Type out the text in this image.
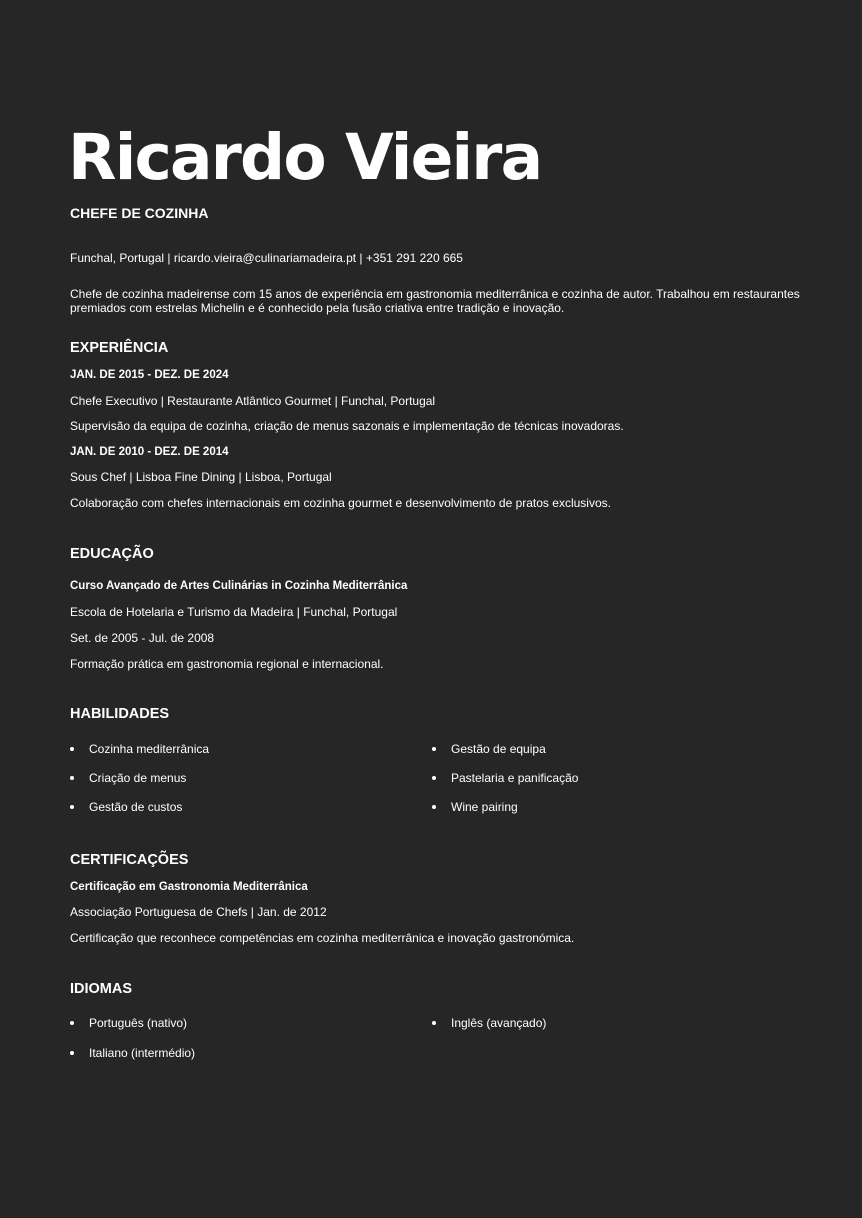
Ricardo Vieira
CHEFE DE COZINHA
Funchal, Portugal | ricardo.vieira@culinariamadeira.pt | +351 291 220 665
Chefe de cozinha madeirense com 15 anos de experiência em gastronomia mediterrânica e cozinha de autor. Trabalhou em restaurantes premiados com estrelas Michelin e é conhecido pela fusão criativa entre tradição e inovação.
EXPERIÊNCIA
JAN. DE 2015 - DEZ. DE 2024
Chefe Executivo | Restaurante Atlântico Gourmet | Funchal, Portugal
Supervisão da equipa de cozinha, criação de menus sazonais e implementação de técnicas inovadoras.
JAN. DE 2010 - DEZ. DE 2014
Sous Chef | Lisboa Fine Dining | Lisboa, Portugal
Colaboração com chefes internacionais em cozinha gourmet e desenvolvimento de pratos exclusivos.
EDUCAÇÃO
Curso Avançado de Artes Culinárias in Cozinha Mediterrânica
Escola de Hotelaria e Turismo da Madeira | Funchal, Portugal
Set. de 2005 - Jul. de 2008
Formação prática em gastronomia regional e internacional.
HABILIDADES
Cozinha mediterrânica	Gestão de equipa
Criação de menus	Pastelaria e panificação
Gestão de custos	Wine pairing
CERTIFICAÇÕES
Certificação em Gastronomia Mediterrânica
Associação Portuguesa de Chefs | Jan. de 2012
Certificação que reconhece competências em cozinha mediterrânica e inovação gastronómica.
IDIOMAS
Português (nativo)	Inglês (avançado)
Italiano (intermédio)
